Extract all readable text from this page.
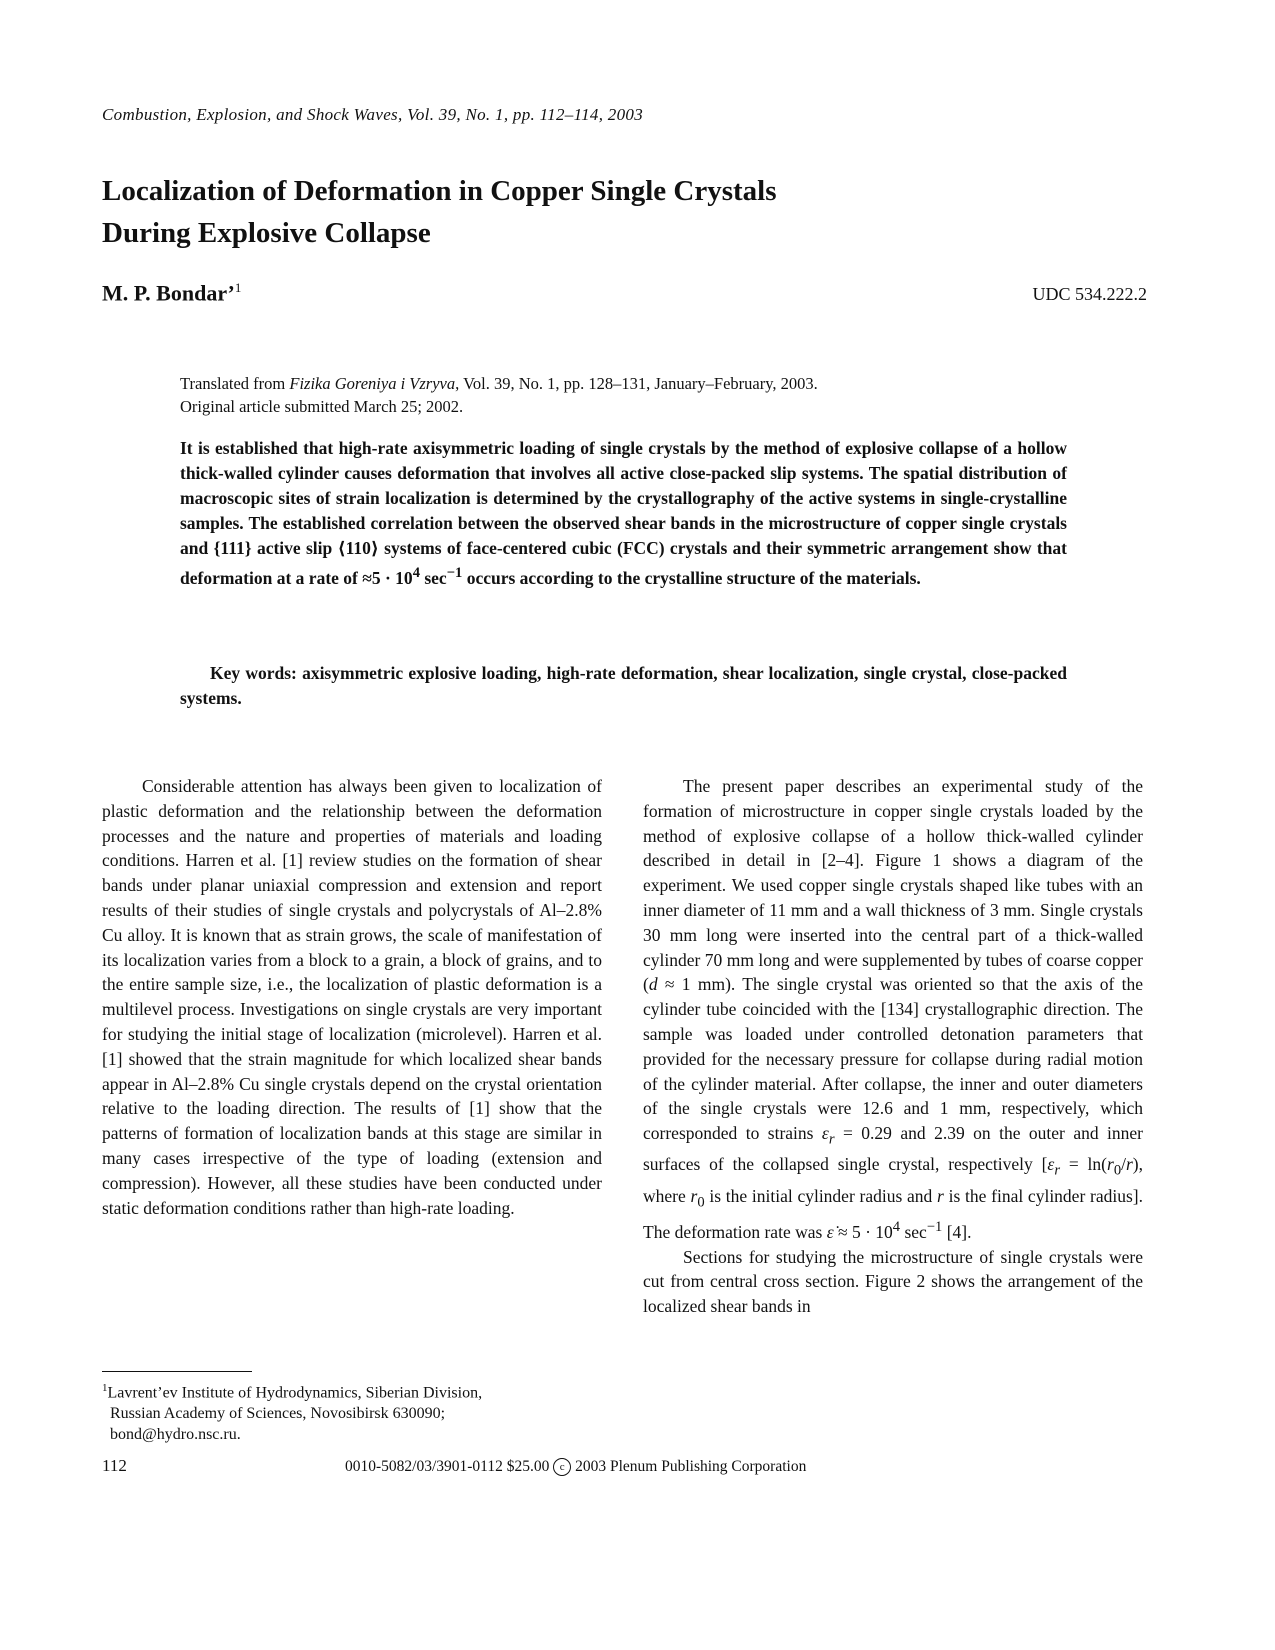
Combustion, Explosion, and Shock Waves, Vol. 39, No. 1, pp. 112–114, 2003
Localization of Deformation in Copper Single Crystals
During Explosive Collapse
M. P. Bondar’$^1$	UDC 534.222.2
Translated from Fizika Goreniya i Vzryva, Vol. 39, No. 1, pp. 128–131, January–February, 2003.
Original article submitted March 25; 2002.

It is established that high-rate axisymmetric loading of single crystals by the method of explosive collapse of a hollow thick-walled cylinder causes deformation that involves all active close-packed slip systems. The spatial distribution of macroscopic sites of strain localization is determined by the crystallography of the active systems in single-crystalline samples. The established correlation between the observed shear bands in the microstructure of copper single crystals and {111} active slip ⟨110⟩ systems of face-centered cubic (FCC) crystals and their symmetric arrangement show that deformation at a rate of $\approx 5 \cdot 10^4$ $\sec^{-1}$ occurs according to the crystalline structure of the materials.

Key words: axisymmetric explosive loading, high-rate deformation, shear localization, single crystal, close-packed systems.

Considerable attention has always been given to localization of plastic deformation and the relationship between the deformation processes and the nature and properties of materials and loading conditions. Harren et al. [1] review studies on the formation of shear bands under planar uniaxial compression and extension and report results of their studies of single crystals and polycrystals of Al–2.8% Cu alloy. It is known that as strain grows, the scale of manifestation of its localization varies from a block to a grain, a block of grains, and to the entire sample size, i.e., the localization of plastic deformation is a multilevel process. Investigations on single crystals are very important for studying the initial stage of localization (microlevel). Harren et al. [1] showed that the strain magnitude for which localized shear bands appear in Al–2.8% Cu single crystals depend on the crystal orientation relative to the loading direction. The results of [1] show that the patterns of formation of localization bands at this stage are similar in many cases irrespective of the type of loading (extension and compression). However, all these studies have been conducted under static deformation conditions rather than high-rate loading.

The present paper describes an experimental study of the formation of microstructure in copper single crystals loaded by the method of explosive collapse of a hollow thick-walled cylinder described in detail in [2–4]. Figure 1 shows a diagram of the experiment. We used copper single crystals shaped like tubes with an inner diameter of 11 mm and a wall thickness of 3 mm. Single crystals 30 mm long were inserted into the central part of a thick-walled cylinder 70 mm long and were supplemented by tubes of coarse copper (d ≈ 1 mm). The single crystal was oriented so that the axis of the cylinder tube coincided with the [134] crystallographic direction. The sample was loaded under controlled detonation parameters that provided for the necessary pressure for collapse during radial motion of the cylinder material. After collapse, the inner and outer diameters of the single crystals were 12.6 and 1 mm, respectively, which corresponded to strains $\varepsilon_r = 0.29$ and 2.39 on the outer and inner surfaces of the collapsed single crystal, respectively [$\varepsilon_r = \ln(r_0/r)$, where $r_0$ is the initial cylinder radius and r is the final cylinder radius]. The deformation rate was ε̇ ≈ $5 \cdot 10^4$ $\sec^{-1} [4]$.

Sections for studying the microstructure of single crystals were cut from central cross section. Figure 2 shows the arrangement of the localized shear bands in

$^1$Lavrent’ev Institute of Hydrodynamics, Siberian Division,
Russian Academy of Sciences, Novosibirsk 630090;
bond@hydro.nsc.ru.
112	0010-5082/03/3901-0112 $25.00 c 2003 Plenum Publishing Corporation
